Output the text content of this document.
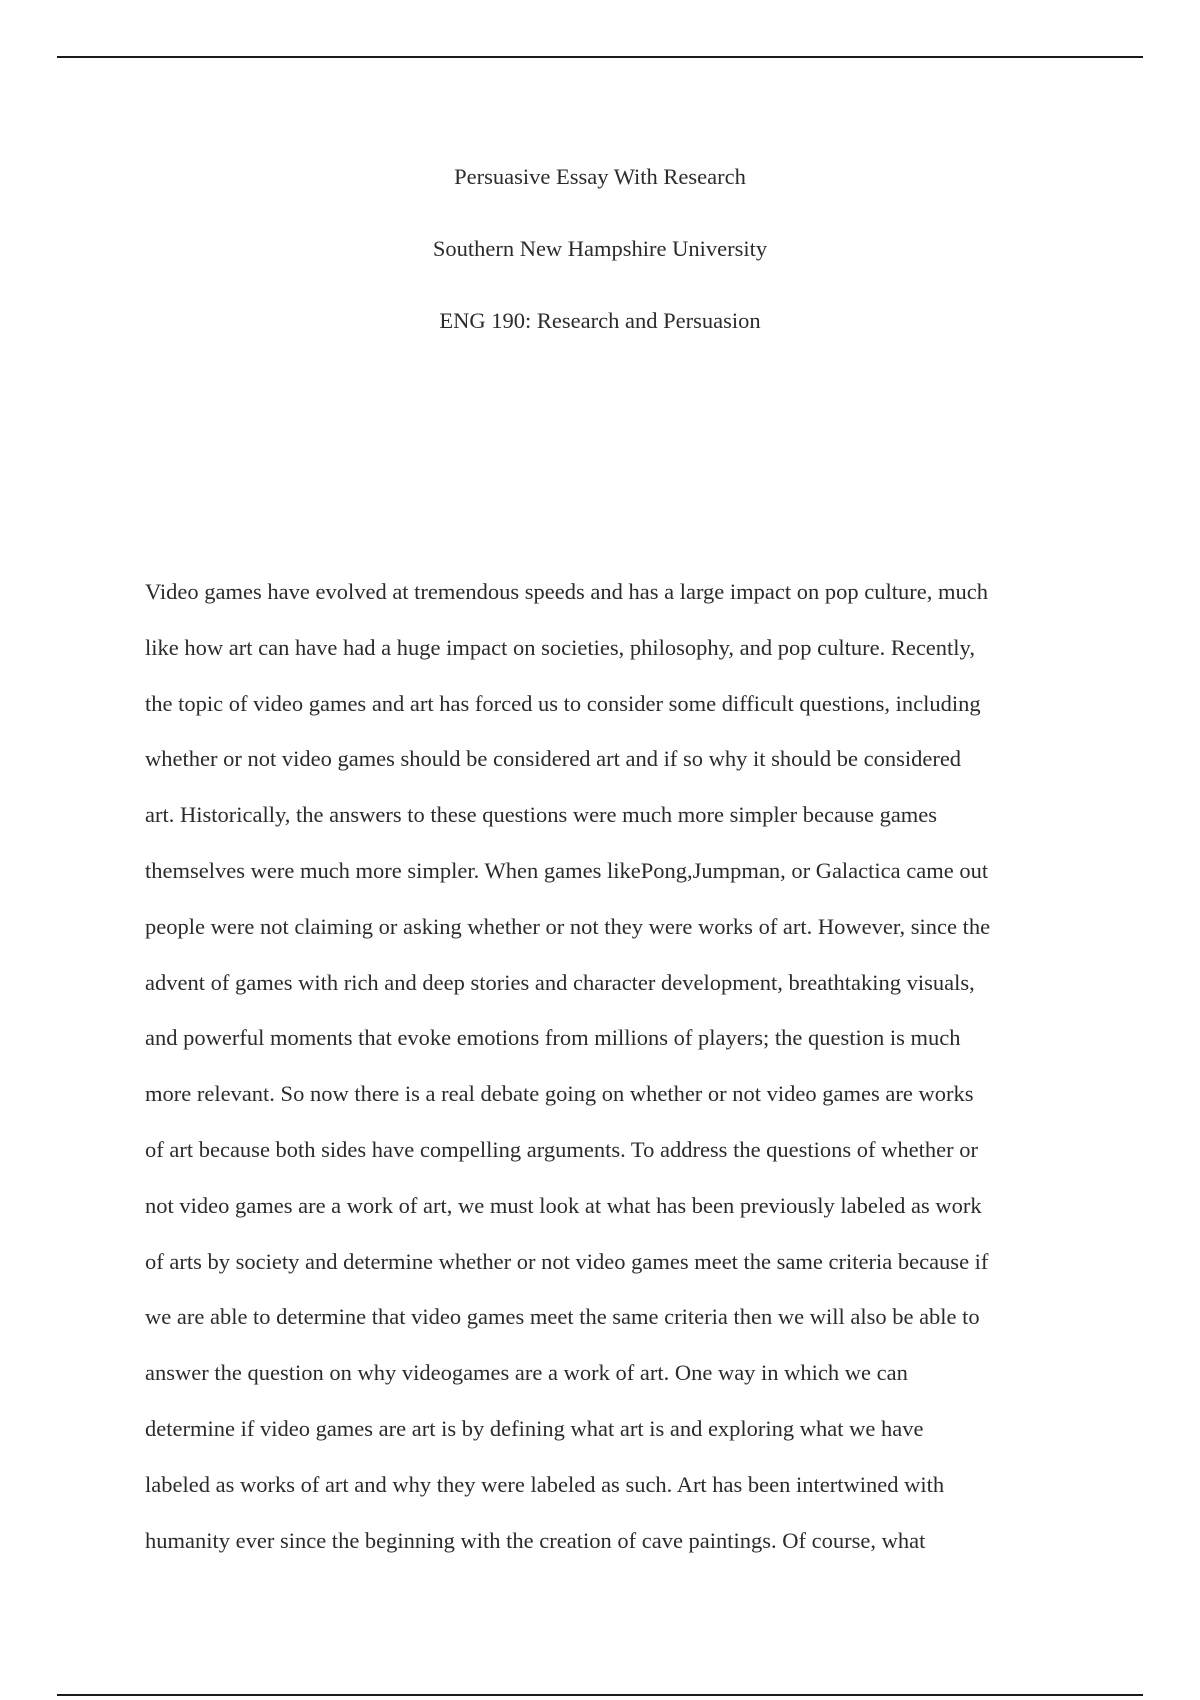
Persuasive Essay With Research
Southern New Hampshire University
ENG 190: Research and Persuasion
Video games have evolved at tremendous speeds and has a large impact on pop culture, much
like how art can have had a huge impact on societies, philosophy, and pop culture. Recently,
the topic of video games and art has forced us to consider some difficult questions, including
whether or not video games should be considered art and if so why it should be considered
art. Historically, the answers to these questions were much more simpler because games
themselves were much more simpler. When games likePong,Jumpman, or Galactica came out
people were not claiming or asking whether or not they were works of art. However, since the
advent of games with rich and deep stories and character development, breathtaking visuals,
and powerful moments that evoke emotions from millions of players; the question is much
more relevant. So now there is a real debate going on whether or not video games are works
of art because both sides have compelling arguments. To address the questions of whether or
not video games are a work of art, we must look at what has been previously labeled as work
of arts by society and determine whether or not video games meet the same criteria because if
we are able to determine that video games meet the same criteria then we will also be able to
answer the question on why videogames are a work of art. One way in which we can
determine if video games are art is by defining what art is and exploring what we have
labeled as works of art and why they were labeled as such. Art has been intertwined with
humanity ever since the beginning with the creation of cave paintings. Of course, what
